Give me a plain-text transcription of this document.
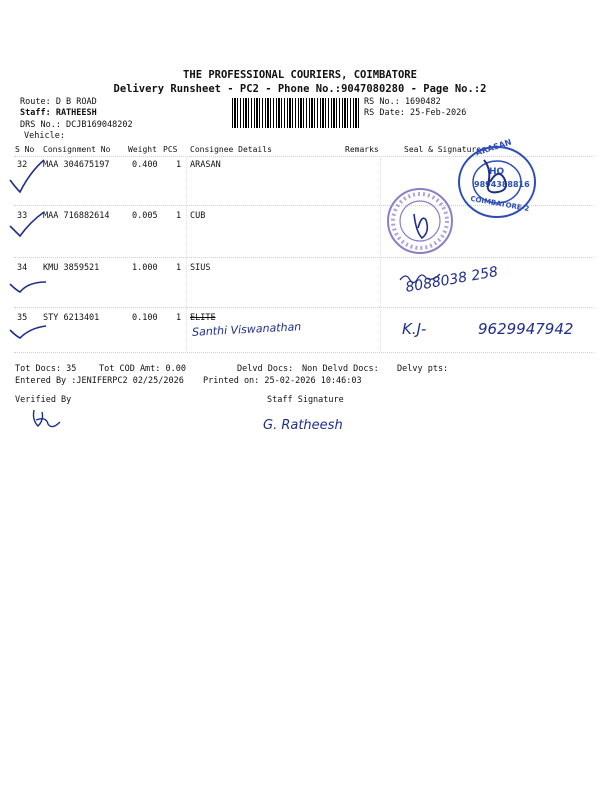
THE PROFESSIONAL COURIERS, COIMBATORE
Delivery Runsheet - PC2 - Phone No.:9047080280 - Page No.:2
Route: D B ROAD
Staff: RATHEESH
DRS No.: DCJB169048202
Vehicle:
RS No.: 1690482
RS Date: 25-Feb-2026
S No Consignment No Weight PCS Consignee Details	Remarks	Seal & Signature
32 MAA 304675197	0.400 1 ARASAN
33 MAA 716882614	0.005 1 CUB
34 KMU 3859521	1.000 1 SIUS
35 STY 6213401	0.100 1 ELITE
ARASAN
HO
9894388816
COIMBATORE-2
8088038 258
Santhi Viswanathan	K.J-	9629947942
G. Ratheesh
Tot Docs: 35	Tot COD Amt: 0.00	Delvd Docs: Non Delvd Docs: Delvy pts:
Entered By :JENIFERPC2 02/25/2026 Printed on: 25-02-2026 10:46:03
Verified By	Staff Signature
